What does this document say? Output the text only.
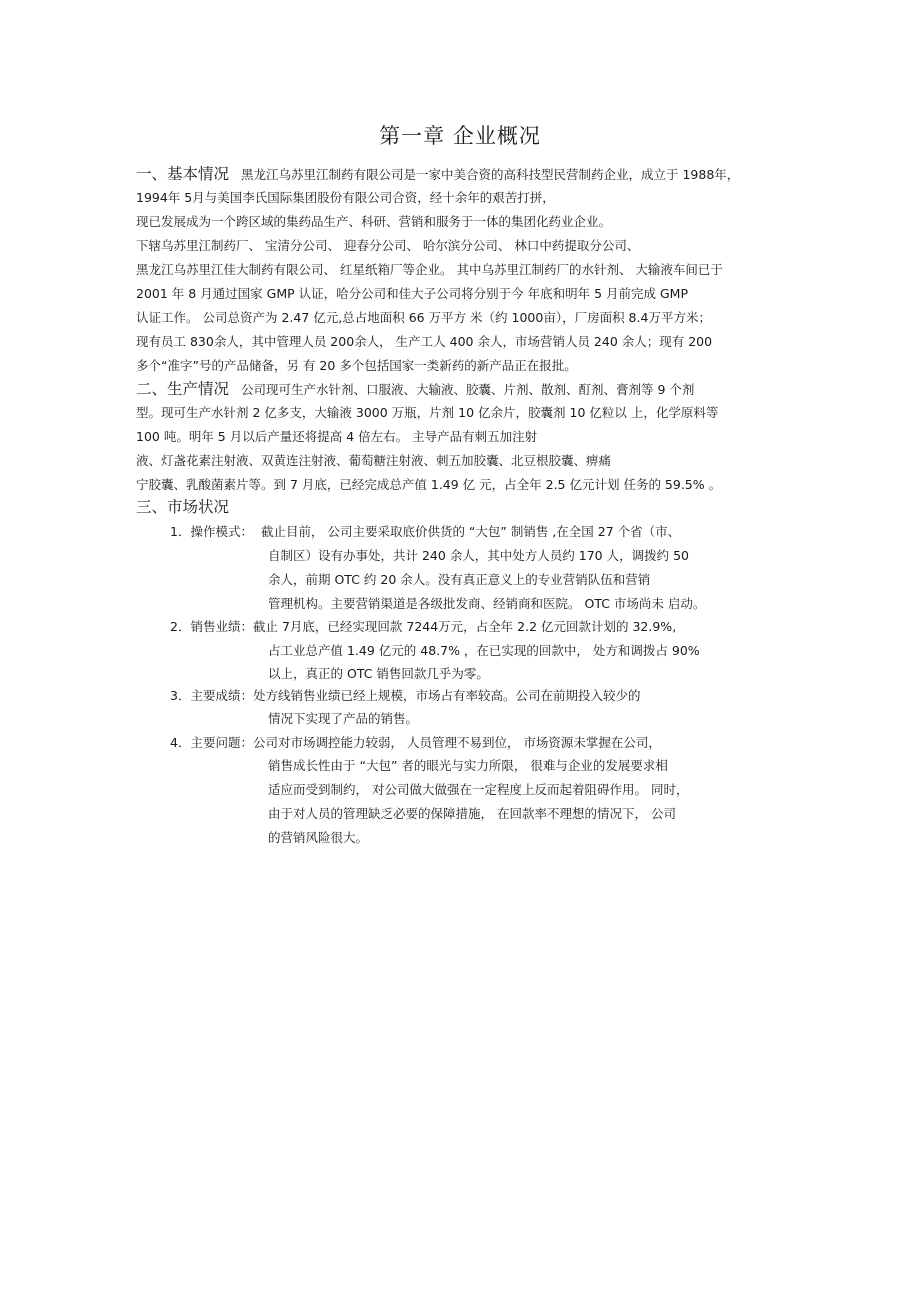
第一章 企业概况
一、基本情况 黑龙江乌苏里江制药有限公司是一家中美合资的高科技型民营制药企业，成立于 1988年，
1994年 5月与美国李氏国际集团股份有限公司合资，经十余年的艰苦打拼，
现已发展成为一个跨区域的集药品生产、科研、营销和服务于一体的集团化药业企业。
下辖乌苏里江制药厂、 宝清分公司、 迎春分公司、 哈尔滨分公司、 林口中药提取分公司、
黑龙江乌苏里江佳大制药有限公司、 红星纸箱厂等企业。 其中乌苏里江制药厂的水针剂、 大输液车间已于
2001 年 8 月通过国家 GMP 认证，哈分公司和佳大子公司将分别于今 年底和明年 5 月前完成 GMP
认证工作。 公司总资产为 2.47 亿元,总占地面积 66 万平方 米（约 1000亩），厂房面积 8.4万平方米；
现有员工 830余人，其中管理人员 200余人， 生产工人 400 余人，市场营销人员 240 余人；现有 200
多个“准字”号的产品储备，另 有 20 多个包括国家一类新药的新产品正在报批。
二、生产情况 公司现可生产水针剂、口服液、大输液、胶囊、片剂、散剂、酊剂、膏剂等 9 个剂
型。现可生产水针剂 2 亿多支，大输液 3000 万瓶，片剂 10 亿余片，胶囊剂 10 亿粒以 上，化学原料等
100 吨。明年 5 月以后产量还将提高 4 倍左右。 主导产品有刺五加注射
液、灯盏花素注射液、双黄连注射液、葡萄糖注射液、刺五加胶囊、北豆根胶囊、痹痛
宁胶囊、乳酸菌素片等。到 7 月底，已经完成总产值 1.49 亿 元，占全年 2.5 亿元计划 任务的 59.5% 。
三、市场状况
1．操作模式： 截止目前， 公司主要采取底价供货的 “大包” 制销售 ,在全国 27 个省（市、
自制区）设有办事处，共计 240 余人，其中处方人员约 170 人，调拨约 50
余人，前期 OTC 约 20 余人。没有真正意义上的专业营销队伍和营销
管理机构。主要营销渠道是各级批发商、经销商和医院。 OTC 市场尚未 启动。
2．销售业绩：截止 7月底，已经实现回款 7244万元，占全年 2.2 亿元回款计划的 32.9%,
占工业总产值 1.49 亿元的 48.7% ，在已实现的回款中， 处方和调拨占 90%
以上，真正的 OTC 销售回款几乎为零。
3．主要成绩：处方线销售业绩已经上规模，市场占有率较高。公司在前期投入较少的
情况下实现了产品的销售。
4．主要问题：公司对市场调控能力较弱， 人员管理不易到位， 市场资源未掌握在公司，
销售成长性由于 “大包” 者的眼光与实力所限， 很难与企业的发展要求相
适应而受到制约， 对公司做大做强在一定程度上反而起着阻碍作用。 同时，
由于对人员的管理缺乏必要的保障措施， 在回款率不理想的情况下， 公司
的营销风险很大。
